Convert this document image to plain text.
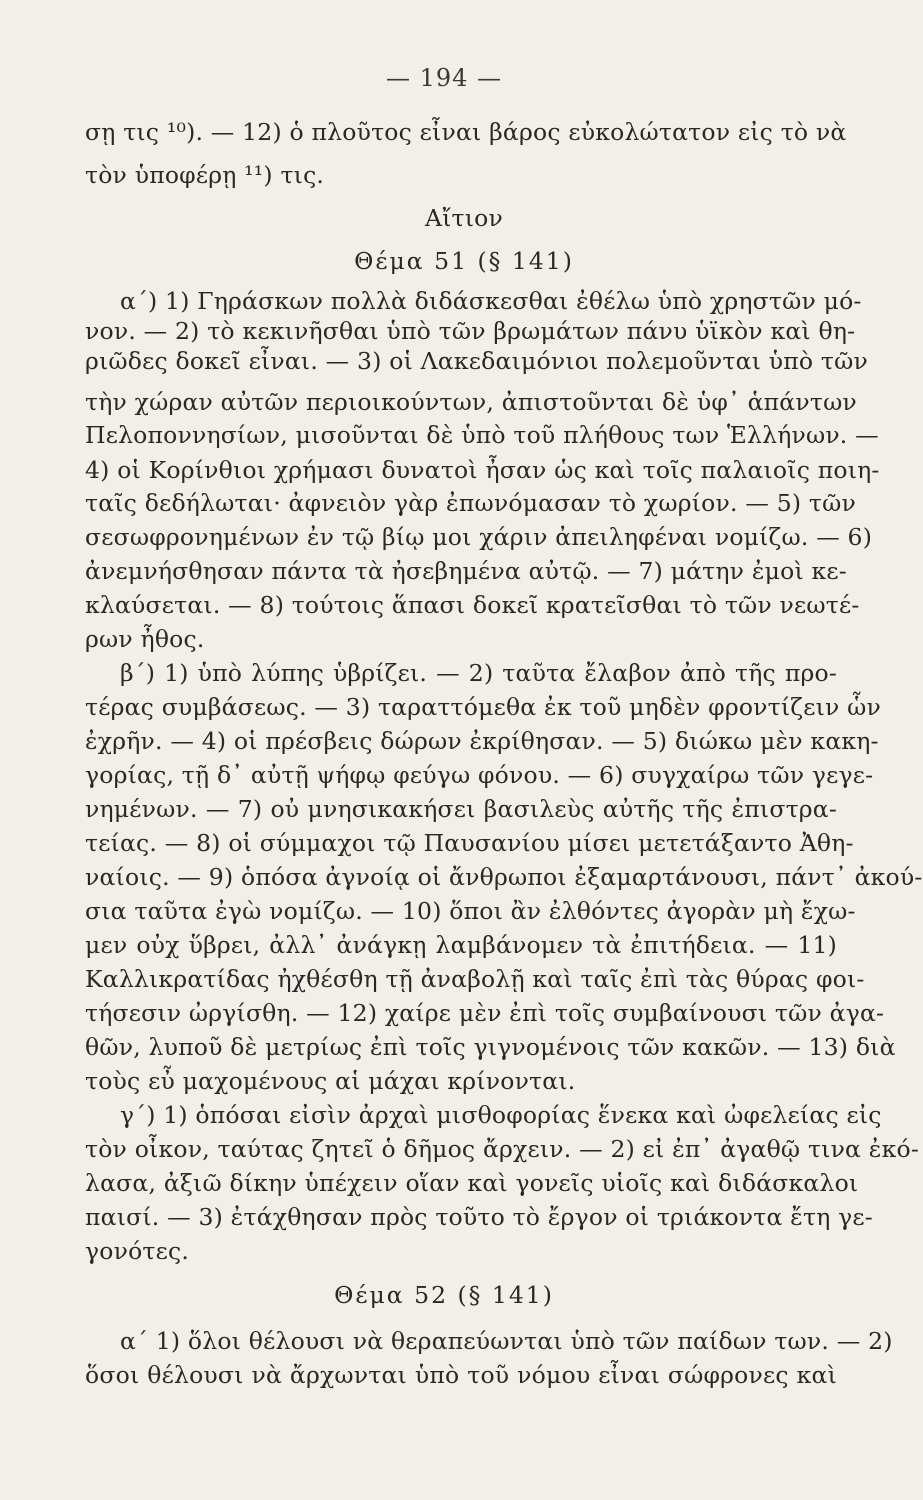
— 194 —
σῃ τις ¹⁰). — 12) ὁ πλοῦτος εἶναι βάρος εὐκολώτατον εἰς τὸ νὰ
τὸν ὑποφέρῃ ¹¹) τις.
Αἴτιον
Θέμα 51 (§ 141)
α΄) 1) Γηράσκων πολλὰ διδάσκεσθαι ἐθέλω ὑπὸ χρηστῶν μό-
νον. — 2) τὸ κεκινῆσθαι ὑπὸ τῶν βρωμάτων πάνυ ὑϊκὸν καὶ θη-
ριῶδες δοκεῖ εἶναι. — 3) οἱ Λακεδαιμόνιοι πολεμοῦνται ὑπὸ τῶν
τὴν χώραν αὐτῶν περιοικούντων, ἀπιστοῦνται δὲ ὑφ᾽ ἁπάντων
Πελοποννησίων, μισοῦνται δὲ ὑπὸ τοῦ πλήθους των Ἑλλήνων. —
4) οἱ Κορίνθιοι χρήμασι δυνατοὶ ἦσαν ὡς καὶ τοῖς παλαιοῖς ποιη-
ταῖς δεδήλωται· ἀφνειὸν γὰρ ἐπωνόμασαν τὸ χωρίον. — 5) τῶν
σεσωφρονημένων ἐν τῷ βίῳ μοι χάριν ἀπειληφέναι νομίζω. — 6)
ἀνεμνήσθησαν πάντα τὰ ἠσεβημένα αὐτῷ. — 7) μάτην ἐμοὶ κε-
κλαύσεται. — 8) τούτοις ἅπασι δοκεῖ κρατεῖσθαι τὸ τῶν νεωτέ-
ρων ἦθος.
β΄) 1) ὑπὸ λύπης ὑβρίζει. — 2) ταῦτα ἔλαβον ἀπὸ τῆς προ-
τέρας συμβάσεως. — 3) ταραττόμεθα ἐκ τοῦ μηδὲν φροντίζειν ὧν
ἐχρῆν. — 4) οἱ πρέσβεις δώρων ἐκρίθησαν. — 5) διώκω μὲν κακη-
γορίας, τῇ δ᾽ αὐτῇ ψήφῳ φεύγω φόνου. — 6) συγχαίρω τῶν γεγε-
νημένων. — 7) οὐ μνησικακήσει βασιλεὺς αὐτῆς τῆς ἐπιστρα-
τείας. — 8) οἱ σύμμαχοι τῷ Παυσανίου μίσει μετετάξαντο Ἀθη-
ναίοις. — 9) ὁπόσα ἀγνοίᾳ οἱ ἄνθρωποι ἐξαμαρτάνουσι, πάντ᾽ ἀκού-
σια ταῦτα ἐγὼ νομίζω. — 10) ὅποι ἂν ἐλθόντες ἀγορὰν μὴ ἔχω-
μεν οὐχ ὕβρει, ἀλλ᾽ ἀνάγκῃ λαμβάνομεν τὰ ἐπιτήδεια. — 11)
Καλλικρατίδας ἠχθέσθη τῇ ἀναβολῇ καὶ ταῖς ἐπὶ τὰς θύρας φοι-
τήσεσιν ὠργίσθη. — 12) χαίρε μὲν ἐπὶ τοῖς συμβαίνουσι τῶν ἀγα-
θῶν, λυποῦ δὲ μετρίως ἐπὶ τοῖς γιγνομένοις τῶν κακῶν. — 13) διὰ
τοὺς εὖ μαχομένους αἱ μάχαι κρίνονται.
γ΄) 1) ὁπόσαι εἰσὶν ἀρχαὶ μισθοφορίας ἕνεκα καὶ ὠφελείας εἰς
τὸν οἶκον, ταύτας ζητεῖ ὁ δῆμος ἄρχειν. — 2) εἰ ἐπ᾽ ἀγαθῷ τινα ἐκό-
λασα, ἀξιῶ δίκην ὑπέχειν οἵαν καὶ γονεῖς υἱοῖς καὶ διδάσκαλοι
παισί. — 3) ἐτάχθησαν πρὸς τοῦτο τὸ ἔργον οἱ τριάκοντα ἔτη γε-
γονότες.
Θέμα 52 (§ 141)
α΄ 1) ὅλοι θέλουσι νὰ θεραπεύωνται ὑπὸ τῶν παίδων των. — 2)
ὅσοι θέλουσι νὰ ἄρχωνται ὑπὸ τοῦ νόμου εἶναι σώφρονες καὶ
